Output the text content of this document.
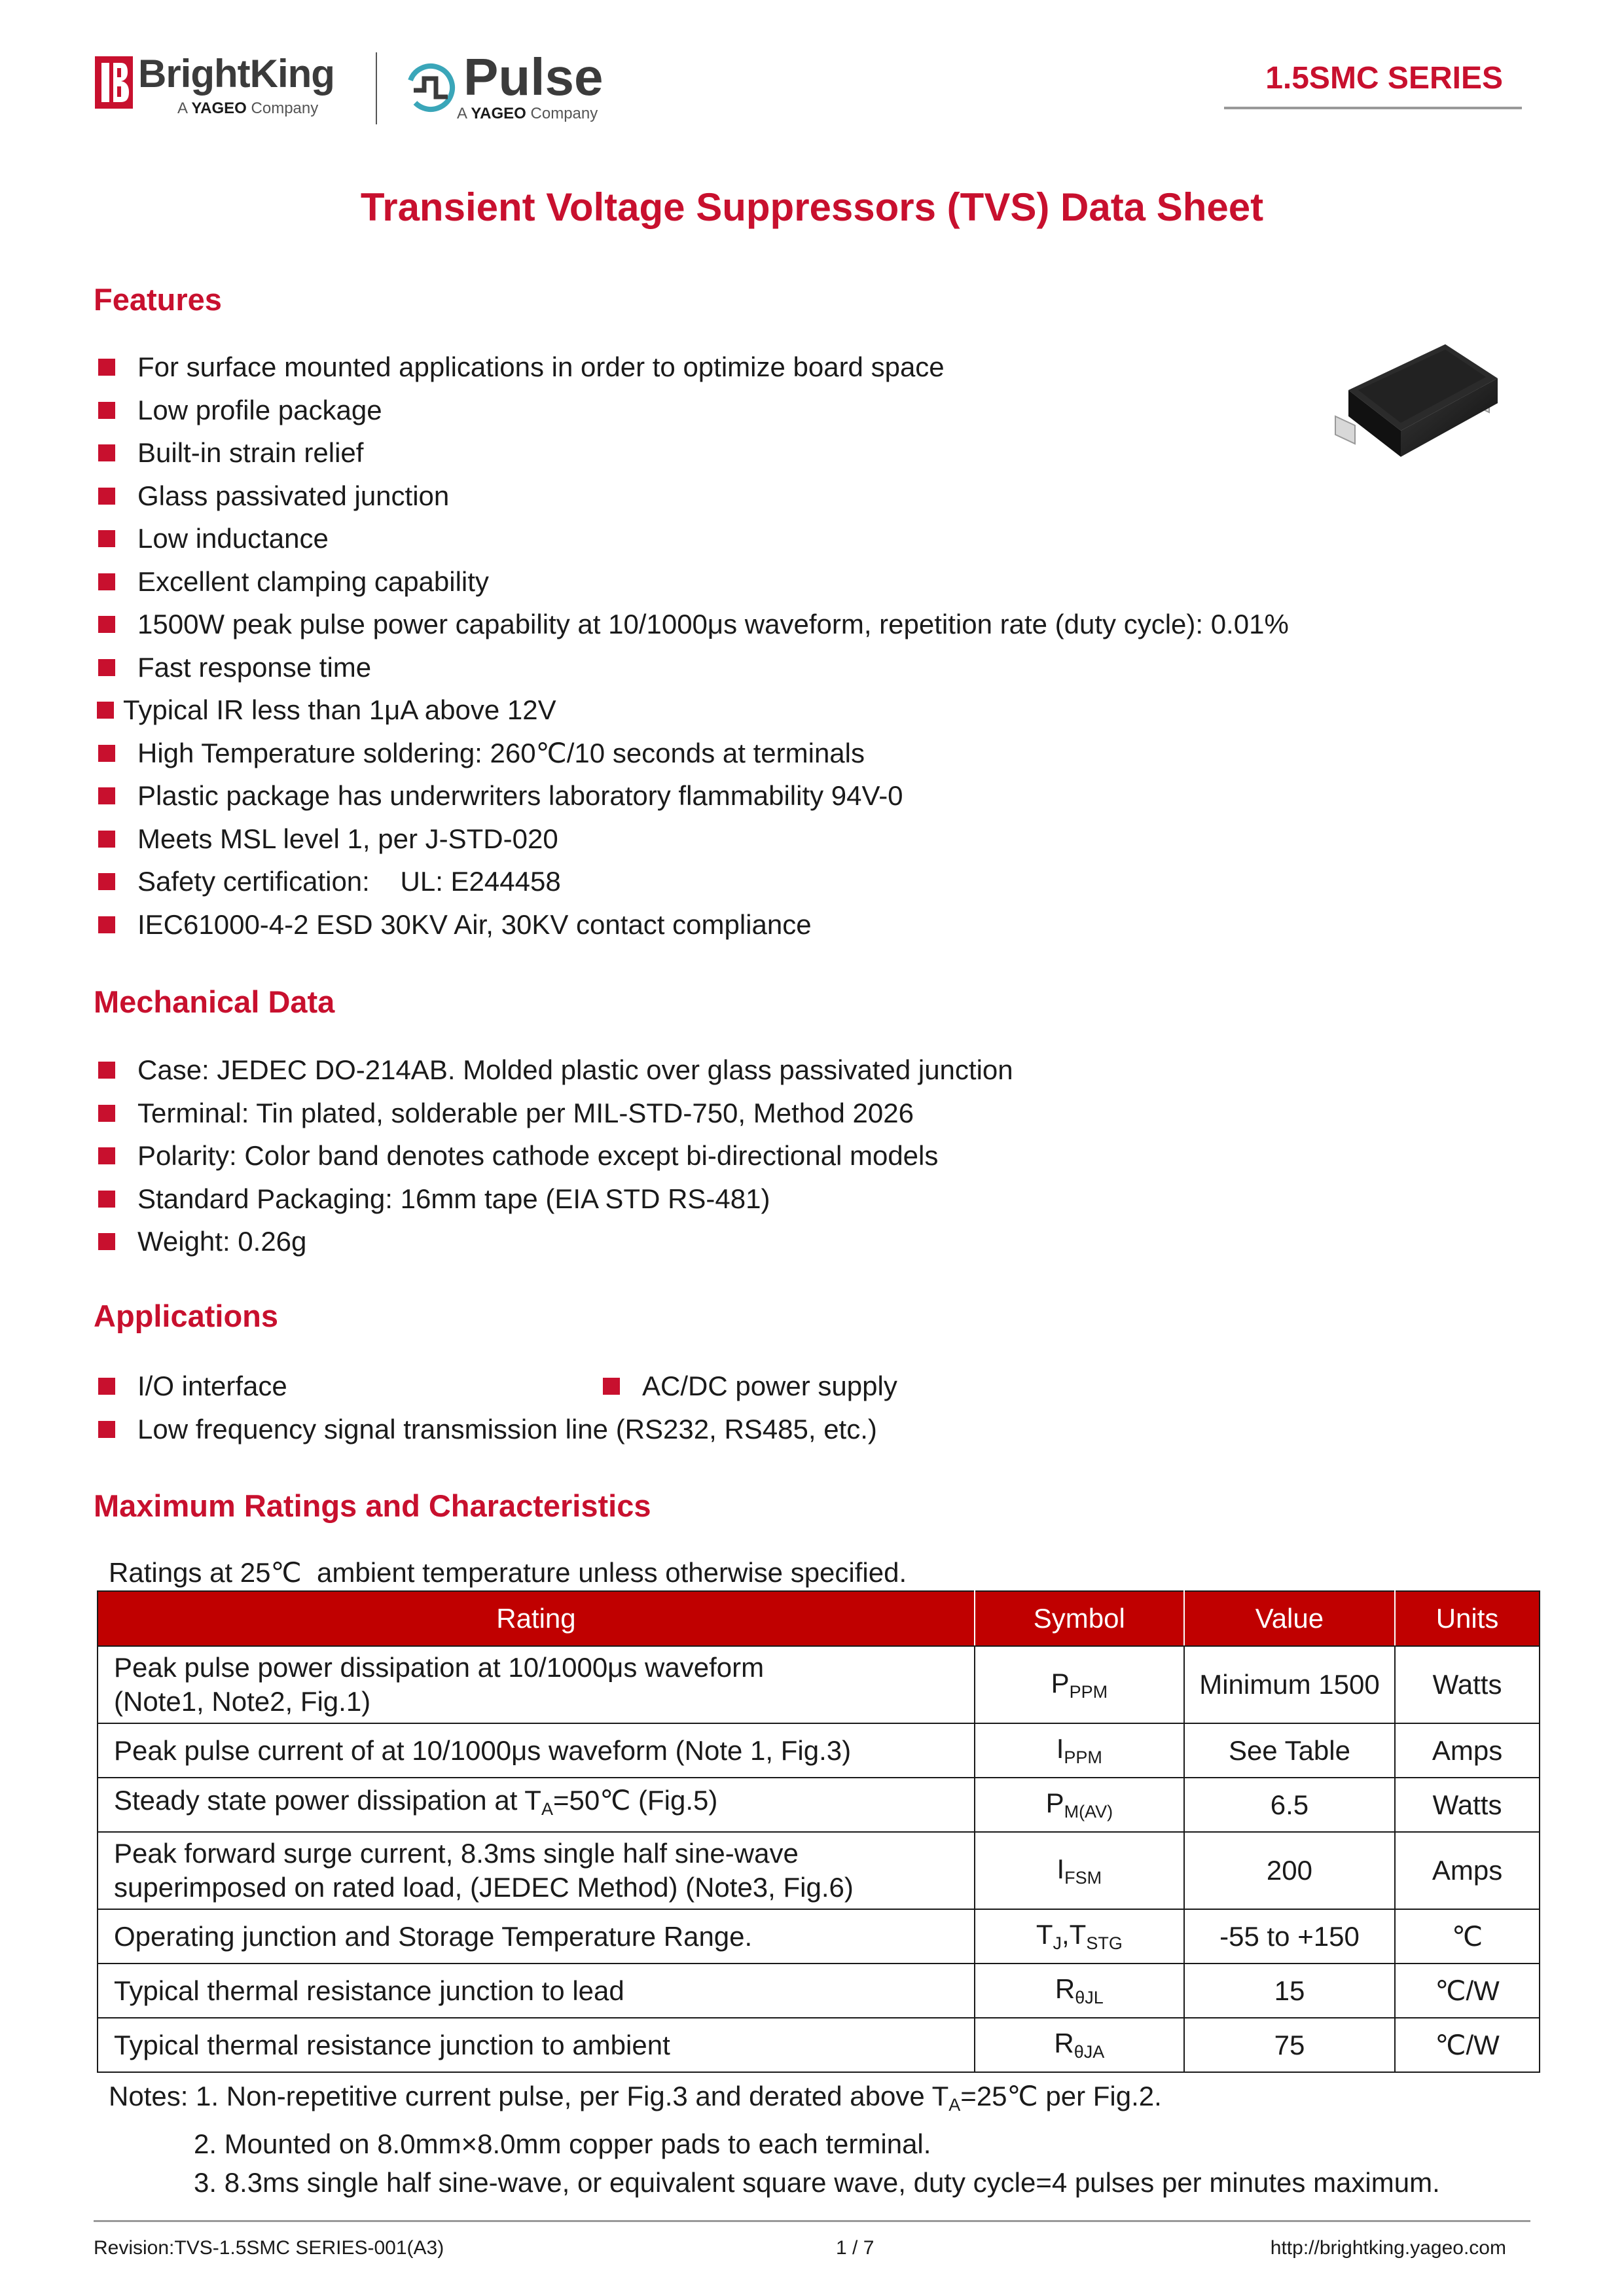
BrightKing
A YAGEO Company
Pulse
A YAGEO Company
1.5SMC SERIES
Transient Voltage Suppressors (TVS) Data Sheet
Features
For surface mounted applications in order to optimize board space
Low profile package
Built-in strain relief
Glass passivated junction
Low inductance
Excellent clamping capability
1500W peak pulse power capability at 10/1000μs waveform, repetition rate (duty cycle): 0.01%
Fast response time
Typical IR less than 1μA above 12V
High Temperature soldering: 260℃/10 seconds at terminals
Plastic package has underwriters laboratory flammability 94V-0
Meets MSL level 1, per J-STD-020
Safety certification:    UL: E244458
IEC61000-4-2 ESD 30KV Air, 30KV contact compliance
Mechanical Data
Case: JEDEC DO-214AB. Molded plastic over glass passivated junction
Terminal: Tin plated, solderable per MIL-STD-750, Method 2026
Polarity: Color band denotes cathode except bi-directional models
Standard Packaging: 16mm tape (EIA STD RS-481)
Weight: 0.26g
Applications
I/O interface	AC/DC power supply
Low frequency signal transmission line (RS232, RS485, etc.)
Maximum Ratings and Characteristics
Ratings at 25℃  ambient temperature unless otherwise specified.
Rating	Symbol	Value	Units
Peak pulse power dissipation at 10/1000μs waveform
(Note1, Note2, Fig.1)	$P_{PPM}$	Minimum 1500	Watts
Peak pulse current of at 10/1000μs waveform (Note 1, Fig.3)	$I_{PPM}$	See Table	Amps
Steady state power dissipation at $T_A=50℃$ (Fig.5)	$P_{M(AV)}$	6.5	Watts
Peak forward surge current, 8.3ms single half sine-wave
superimposed on rated load, (JEDEC Method) (Note3, Fig.6)	$I_{FSM}$	200	Amps
Operating junction and Storage Temperature Range.	$T_J,T_{STG}$	-55 to +150	℃
Typical thermal resistance junction to lead	$R_{\theta JL}$	15	℃/W
Typical thermal resistance junction to ambient	$R_{\theta JA}$	75	℃/W
Notes: 1. Non-repetitive current pulse, per Fig.3 and derated above $T_A=25℃$ per Fig.2.
2. Mounted on 8.0mm×8.0mm copper pads to each terminal.
3. 8.3ms single half sine-wave, or equivalent square wave, duty cycle=4 pulses per minutes maximum.
Revision:TVS-1.5SMC SERIES-001(A3)	1 / 7	http://brightking.yageo.com
